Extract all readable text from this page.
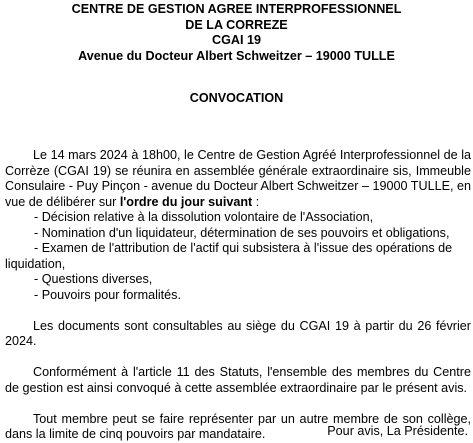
CENTRE DE GESTION AGREE INTERPROFESSIONNEL
DE LA CORREZE
CGAI 19
Avenue du Docteur Albert Schweitzer – 19000 TULLE
CONVOCATION

Le 14 mars 2024 à 18h00, le Centre de Gestion Agréé Interprofessionnel de la Corrèze (CGAI 19) se réunira en assemblée générale extraordinaire sis, Immeuble Consulaire - Puy Pinçon - avenue du Docteur Albert Schweitzer – 19000 TULLE, en vue de délibérer sur l'ordre du jour suivant :

- Décision relative à la dissolution volontaire de l'Association,
- Nomination d'un liquidateur, détermination de ses pouvoirs et obligations,
- Examen de l'attribution de l'actif qui subsistera à l'issue des opérations de
liquidation,
- Questions diverses,
- Pouvoirs pour formalités.

Les documents sont consultables au siège du CGAI 19 à partir du 26 février 2024.

Conformément à l'article 11 des Statuts, l'ensemble des membres du Centre de gestion est ainsi convoqué à cette assemblée extraordinaire par le présent avis.

Tout membre peut se faire représenter par un autre membre de son collège, dans la limite de cinq pouvoirs par mandataire.	Pour avis, La Présidente.
